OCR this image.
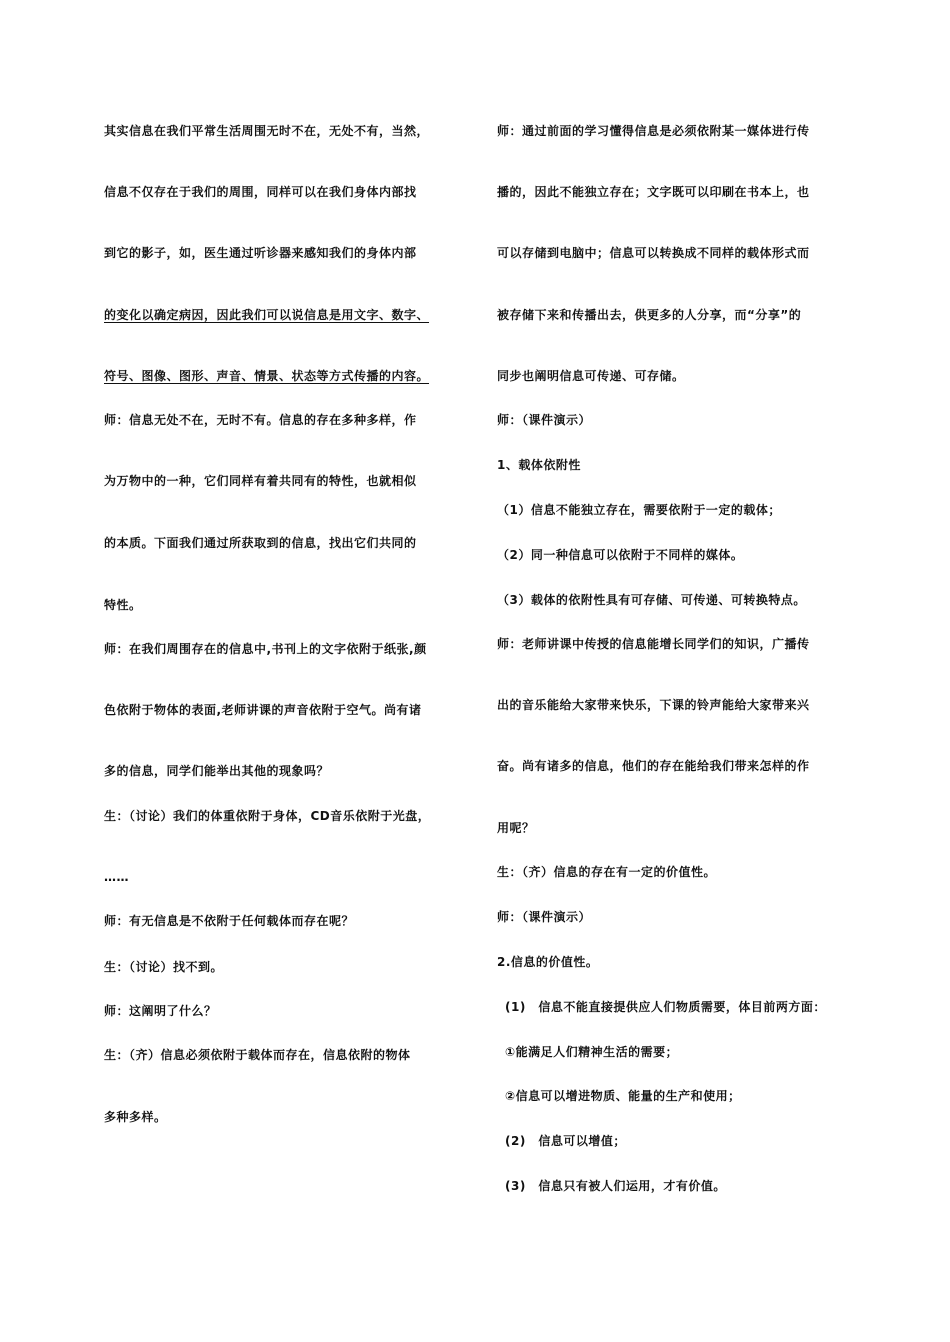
其实信息在我们平常生活周围无时不在，无处不有，当然，
信息不仅存在于我们的周围，同样可以在我们身体内部找
到它的影子，如，医生通过听诊器来感知我们的身体内部
的变化以确定病因，因此我们可以说信息是用文字、数字、
符号、图像、图形、声音、情景、状态等方式传播的内容。
师：信息无处不在，无时不有。信息的存在多种多样，作
为万物中的一种，它们同样有着共同有的特性，也就相似
的本质。下面我们通过所获取到的信息，找出它们共同的
特性。
师：在我们周围存在的信息中,书刊上的文字依附于纸张,颜
色依附于物体的表面,老师讲课的声音依附于空气。尚有诸
多的信息，同学们能举出其他的现象吗？
生：（讨论）我们的体重依附于身体，CD音乐依附于光盘，
……
师：有无信息是不依附于任何载体而存在呢？
生：（讨论）找不到。
师：这阐明了什么？
生：（齐）信息必须依附于载体而存在，信息依附的物体
多种多样。
师：通过前面的学习懂得信息是必须依附某一媒体进行传
播的，因此不能独立存在；文字既可以印刷在书本上，也
可以存储到电脑中；信息可以转换成不同样的载体形式而
被存储下来和传播出去，供更多的人分享，而“分享”的
同步也阐明信息可传递、可存储。
师：（课件演示）
1、载体依附性
（1）信息不能独立存在，需要依附于一定的载体；
（2）同一种信息可以依附于不同样的媒体。
（3）载体的依附性具有可存储、可传递、可转换特点。
师：老师讲课中传授的信息能增长同学们的知识，广播传
出的音乐能给大家带来快乐，下课的铃声能给大家带来兴
奋。尚有诸多的信息，他们的存在能给我们带来怎样的作
用呢？
生：（齐）信息的存在有一定的价值性。
师：（课件演示）
2.信息的价值性。
(1)　信息不能直接提供应人们物质需要，体目前两方面：
①能满足人们精神生活的需要；
②信息可以增进物质、能量的生产和使用；
(2)　信息可以增值；
(3)　信息只有被人们运用，才有价值。
